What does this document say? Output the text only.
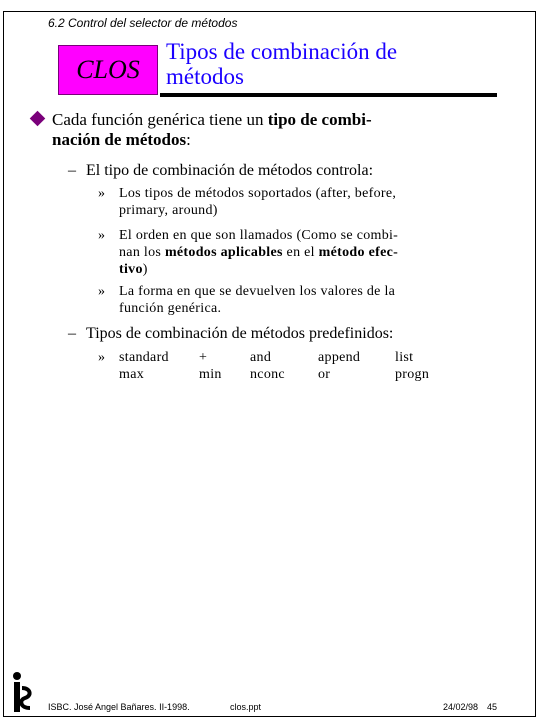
6.2 Control del selector de métodos
CLOS
Tipos de combinación de
métodos
Cada función genérica tiene un tipo de combi-
nación de métodos:
– El tipo de combinación de métodos controla:
» Los tipos de métodos soportados (after, before,
primary, around)
» El orden en que son llamados (Como se combi-
nan los métodos aplicables en el método efec-
tivo)
» La forma en que se devuelven los valores de la
función genérica.
– Tipos de combinación de métodos predefinidos:
» standard
max
+
min
and
nconc
append
or
list
progn
ISBC. José Angel Bañares. II-1998.	clos.ppt	24/02/98 45
